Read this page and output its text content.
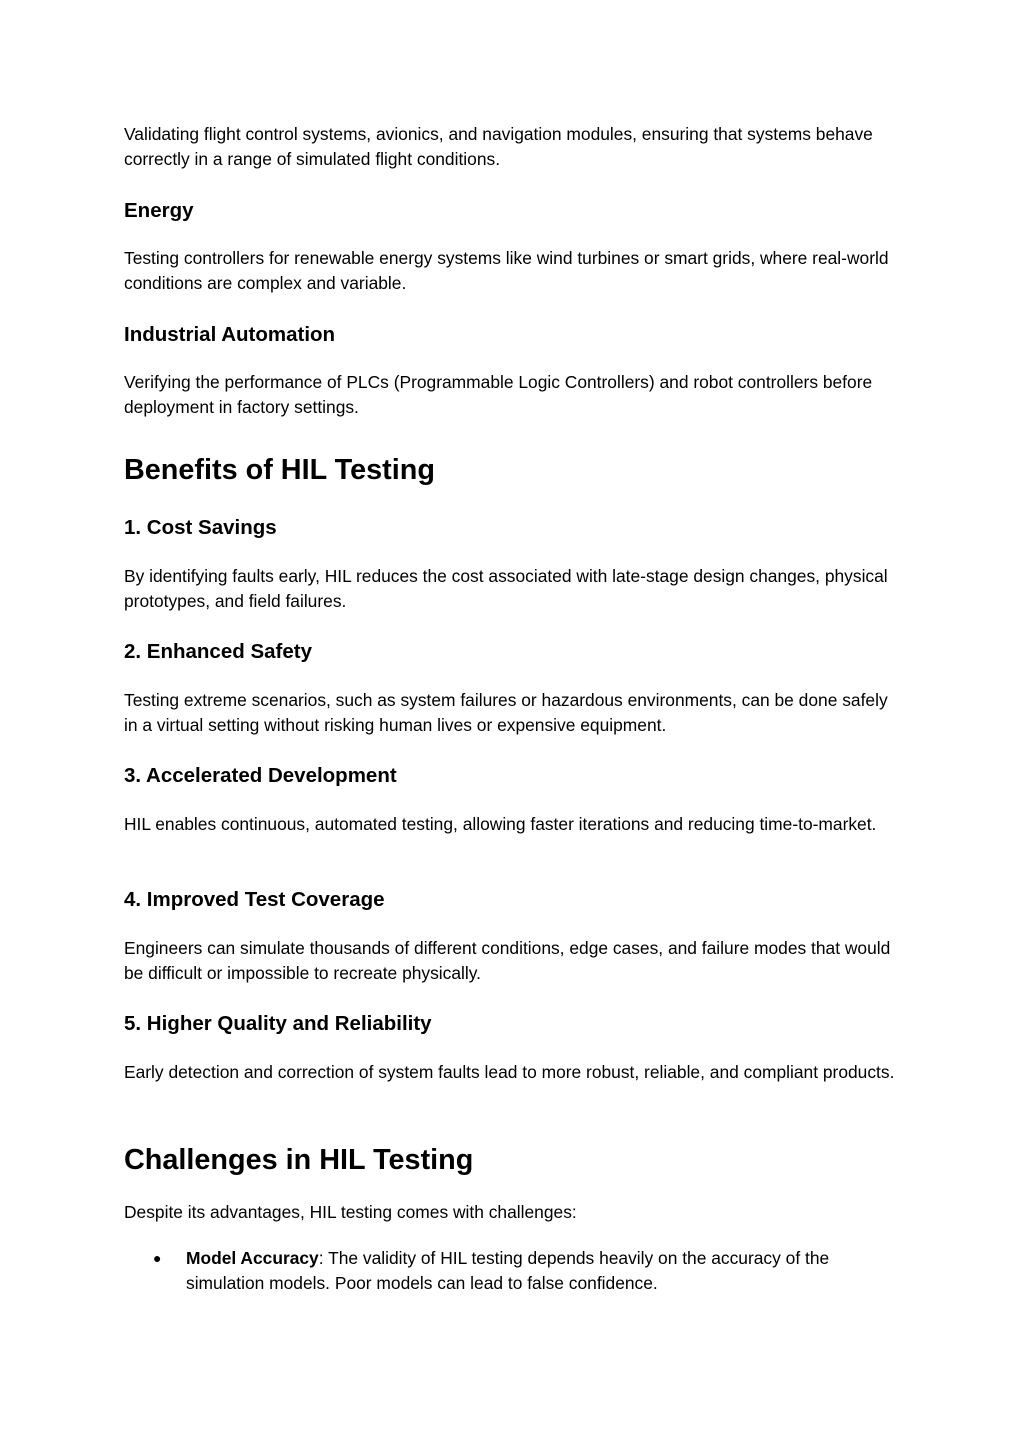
Validating flight control systems, avionics, and navigation modules, ensuring that systems behave correctly in a range of simulated flight conditions.

Energy

Testing controllers for renewable energy systems like wind turbines or smart grids, where real-world conditions are complex and variable.

Industrial Automation

Verifying the performance of PLCs (Programmable Logic Controllers) and robot controllers before deployment in factory settings.

Benefits of HIL Testing
1. Cost Savings

By identifying faults early, HIL reduces the cost associated with late-stage design changes, physical prototypes, and field failures.

2. Enhanced Safety

Testing extreme scenarios, such as system failures or hazardous environments, can be done safely in a virtual setting without risking human lives or expensive equipment.

3. Accelerated Development

HIL enables continuous, automated testing, allowing faster iterations and reducing time-to-market.

4. Improved Test Coverage

Engineers can simulate thousands of different conditions, edge cases, and failure modes that would be difficult or impossible to recreate physically.

5. Higher Quality and Reliability

Early detection and correction of system faults lead to more robust, reliable, and compliant products.

Challenges in HIL Testing

Despite its advantages, HIL testing comes with challenges:

● Model Accuracy: The validity of HIL testing depends heavily on the accuracy of the simulation models. Poor models can lead to false confidence.
